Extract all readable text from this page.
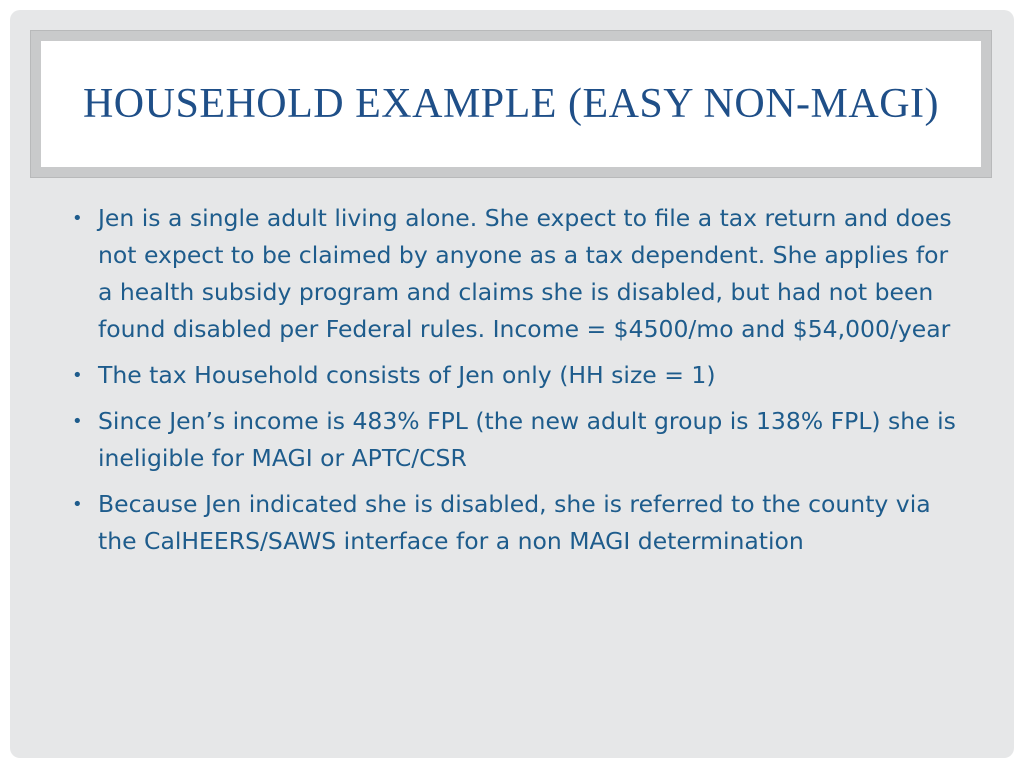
HOUSEHOLD EXAMPLE (EASY NON-MAGI)
• Jen is a single adult living alone. She expect to file a tax return and does not expect to be claimed by anyone as a tax dependent. She applies for a health subsidy program and claims she is disabled, but had not been found disabled per Federal rules. Income = $4500/mo and $54,000/year
• The tax Household consists of Jen only (HH size = 1)
• Since Jen’s income is 483% FPL (the new adult group is 138% FPL) she is ineligible for MAGI or APTC/CSR
• Because Jen indicated she is disabled, she is referred to the county via the CalHEERS/SAWS interface for a non MAGI determination
